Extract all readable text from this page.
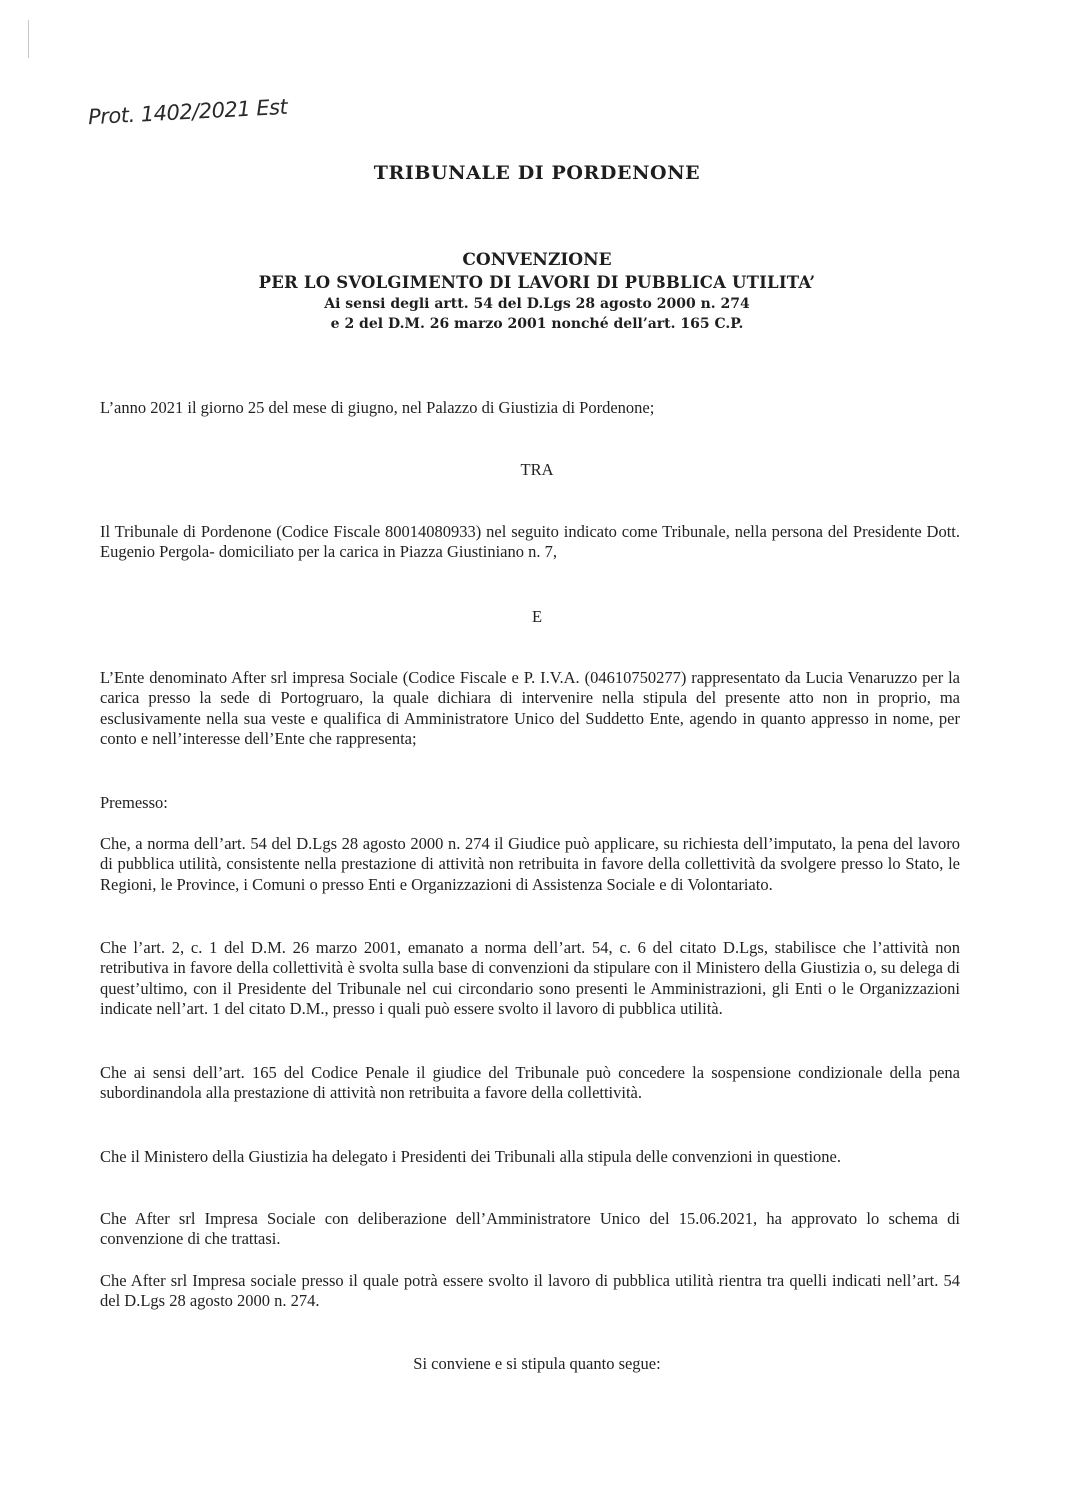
Prot. 1402/2021 Est
TRIBUNALE DI PORDENONE
CONVENZIONE
PER LO SVOLGIMENTO DI LAVORI DI PUBBLICA UTILITA’
Ai sensi degli artt. 54 del D.Lgs 28 agosto 2000 n. 274
e 2 del D.M. 26 marzo 2001 nonché dell’art. 165 C.P.

L’anno 2021 il giorno 25 del mese di giugno, nel Palazzo di Giustizia di Pordenone;

TRA

Il Tribunale di Pordenone (Codice Fiscale 80014080933) nel seguito indicato come Tribunale, nella persona del Presidente Dott. Eugenio Pergola- domiciliato per la carica in Piazza Giustiniano n. 7,

E

L’Ente denominato After srl impresa Sociale (Codice Fiscale e P. I.V.A. (04610750277) rappresentato da Lucia Venaruzzo per la carica presso la sede di Portogruaro, la quale dichiara di intervenire nella stipula del presente atto non in proprio, ma esclusivamente nella sua veste e qualifica di Amministratore Unico del Suddetto Ente, agendo in quanto appresso in nome, per conto e nell’interesse dell’Ente che rappresenta;

Premesso:

Che, a norma dell’art. 54 del D.Lgs 28 agosto 2000 n. 274 il Giudice può applicare, su richiesta dell’imputato, la pena del lavoro di pubblica utilità, consistente nella prestazione di attività non retribuita in favore della collettività da svolgere presso lo Stato, le Regioni, le Province, i Comuni o presso Enti e Organizzazioni di Assistenza Sociale e di Volontariato.

Che l’art. 2, c. 1 del D.M. 26 marzo 2001, emanato a norma dell’art. 54, c. 6 del citato D.Lgs, stabilisce che l’attività non retributiva in favore della collettività è svolta sulla base di convenzioni da stipulare con il Ministero della Giustizia o, su delega di quest’ultimo, con il Presidente del Tribunale nel cui circondario sono presenti le Amministrazioni, gli Enti o le Organizzazioni indicate nell’art. 1 del citato D.M., presso i quali può essere svolto il lavoro di pubblica utilità.

Che ai sensi dell’art. 165 del Codice Penale il giudice del Tribunale può concedere la sospensione condizionale della pena subordinandola alla prestazione di attività non retribuita a favore della collettività.

Che il Ministero della Giustizia ha delegato i Presidenti dei Tribunali alla stipula delle convenzioni in questione.

Che After srl Impresa Sociale con deliberazione dell’Amministratore Unico del 15.06.2021, ha approvato lo schema di convenzione di che trattasi.

Che After srl Impresa sociale presso il quale potrà essere svolto il lavoro di pubblica utilità rientra tra quelli indicati nell’art. 54 del D.Lgs 28 agosto 2000 n. 274.

Si conviene e si stipula quanto segue:
